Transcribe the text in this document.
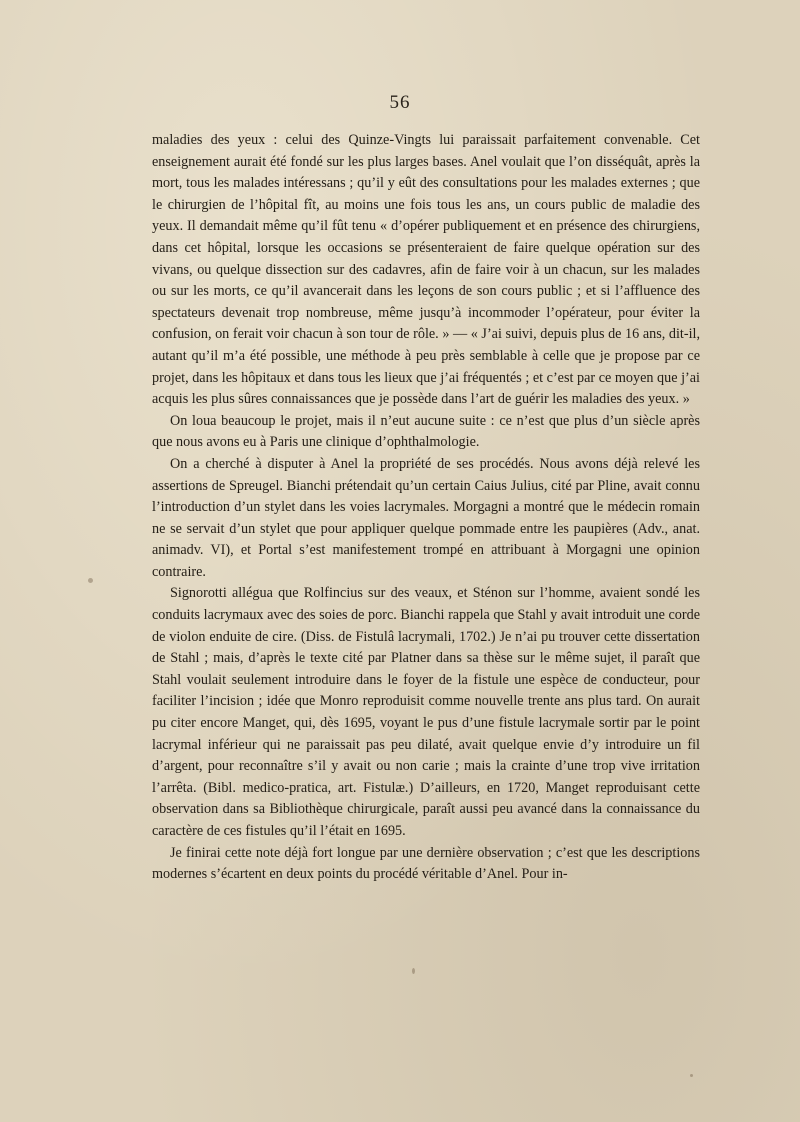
56

maladies des yeux : celui des Quinze-Vingts lui paraissait parfaitement convenable. Cet enseignement aurait été fondé sur les plus larges bases. Anel voulait que l’on disséquât, après la mort, tous les malades intéressans ; qu’il y eût des consultations pour les malades externes ; que le chirurgien de l’hôpital fît, au moins une fois tous les ans, un cours public de maladie des yeux. Il demandait même qu’il fût tenu « d’opérer publiquement et en présence des chirurgiens, dans cet hôpital, lorsque les occasions se présenteraient de faire quelque opération sur des vivans, ou quelque dissection sur des cadavres, afin de faire voir à un chacun, sur les malades ou sur les morts, ce qu’il avancerait dans les leçons de son cours public ; et si l’affluence des spectateurs devenait trop nombreuse, même jusqu’à incommoder l’opérateur, pour éviter la confusion, on ferait voir chacun à son tour de rôle. » — « J’ai suivi, depuis plus de 16 ans, dit-il, autant qu’il m’a été possible, une méthode à peu près semblable à celle que je propose par ce projet, dans les hôpitaux et dans tous les lieux que j’ai fréquentés ; et c’est par ce moyen que j’ai acquis les plus sûres connaissances que je possède dans l’art de guérir les maladies des yeux. »

On loua beaucoup le projet, mais il n’eut aucune suite : ce n’est que plus d’un siècle après que nous avons eu à Paris une clinique d’ophthalmologie.

On a cherché à disputer à Anel la propriété de ses procédés. Nous avons déjà relevé les assertions de Spreugel. Bianchi prétendait qu’un certain Caius Julius, cité par Pline, avait connu l’introduction d’un stylet dans les voies lacrymales. Morgagni a montré que le médecin romain ne se servait d’un stylet que pour appliquer quelque pommade entre les paupières (Adv., anat. animadv. VI), et Portal s’est manifestement trompé en attribuant à Morgagni une opinion contraire.

Signorotti allégua que Rolfincius sur des veaux, et Sténon sur l’homme, avaient sondé les conduits lacrymaux avec des soies de porc. Bianchi rappela que Stahl y avait introduit une corde de violon enduite de cire. (Diss. de Fistulâ lacrymali, 1702.) Je n’ai pu trouver cette dissertation de Stahl ; mais, d’après le texte cité par Platner dans sa thèse sur le même sujet, il paraît que Stahl voulait seulement introduire dans le foyer de la fistule une espèce de conducteur, pour faciliter l’incision ; idée que Monro reproduisit comme nouvelle trente ans plus tard. On aurait pu citer encore Manget, qui, dès 1695, voyant le pus d’une fistule lacrymale sortir par le point lacrymal inférieur qui ne paraissait pas peu dilaté, avait quelque envie d’y introduire un fil d’argent, pour reconnaître s’il y avait ou non carie ; mais la crainte d’une trop vive irritation l’arrêta. (Bibl. medico-pratica, art. Fistulæ.) D’ailleurs, en 1720, Manget reproduisant cette observation dans sa Bibliothèque chirurgicale, paraît aussi peu avancé dans la connaissance du caractère de ces fistules qu’il l’était en 1695.

Je finirai cette note déjà fort longue par une dernière observation ; c’est que les descriptions modernes s’écartent en deux points du procédé véritable d’Anel. Pour in-
